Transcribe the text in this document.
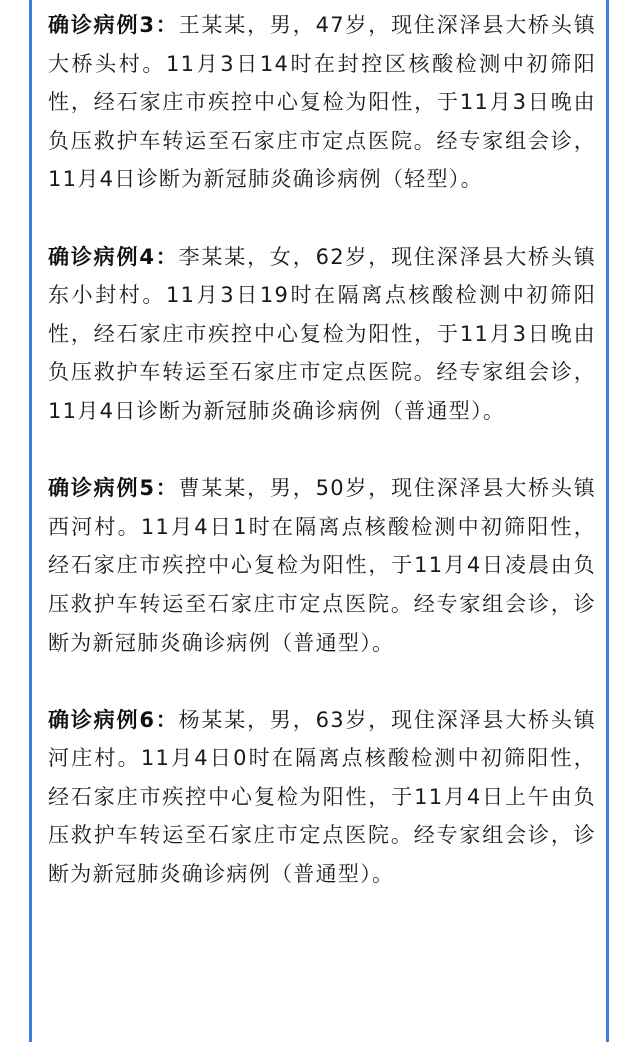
确诊病例3：王某某，男，47岁，现住深泽县大桥头镇大桥头村。11月3日14时在封控区核酸检测中初筛阳性，经石家庄市疾控中心复检为阳性，于11月3日晚由负压救护车转运至石家庄市定点医院。经专家组会诊，11月4日诊断为新冠肺炎确诊病例（轻型）。

确诊病例4：李某某，女，62岁，现住深泽县大桥头镇东小封村。11月3日19时在隔离点核酸检测中初筛阳性，经石家庄市疾控中心复检为阳性，于11月3日晚由负压救护车转运至石家庄市定点医院。经专家组会诊，11月4日诊断为新冠肺炎确诊病例（普通型）。

确诊病例5：曹某某，男，50岁，现住深泽县大桥头镇西河村。11月4日1时在隔离点核酸检测中初筛阳性，经石家庄市疾控中心复检为阳性，于11月4日凌晨由负压救护车转运至石家庄市定点医院。经专家组会诊，诊断为新冠肺炎确诊病例（普通型）。

确诊病例6：杨某某，男，63岁，现住深泽县大桥头镇河庄村。11月4日0时在隔离点核酸检测中初筛阳性，经石家庄市疾控中心复检为阳性，于11月4日上午由负压救护车转运至石家庄市定点医院。经专家组会诊，诊断为新冠肺炎确诊病例（普通型）。
